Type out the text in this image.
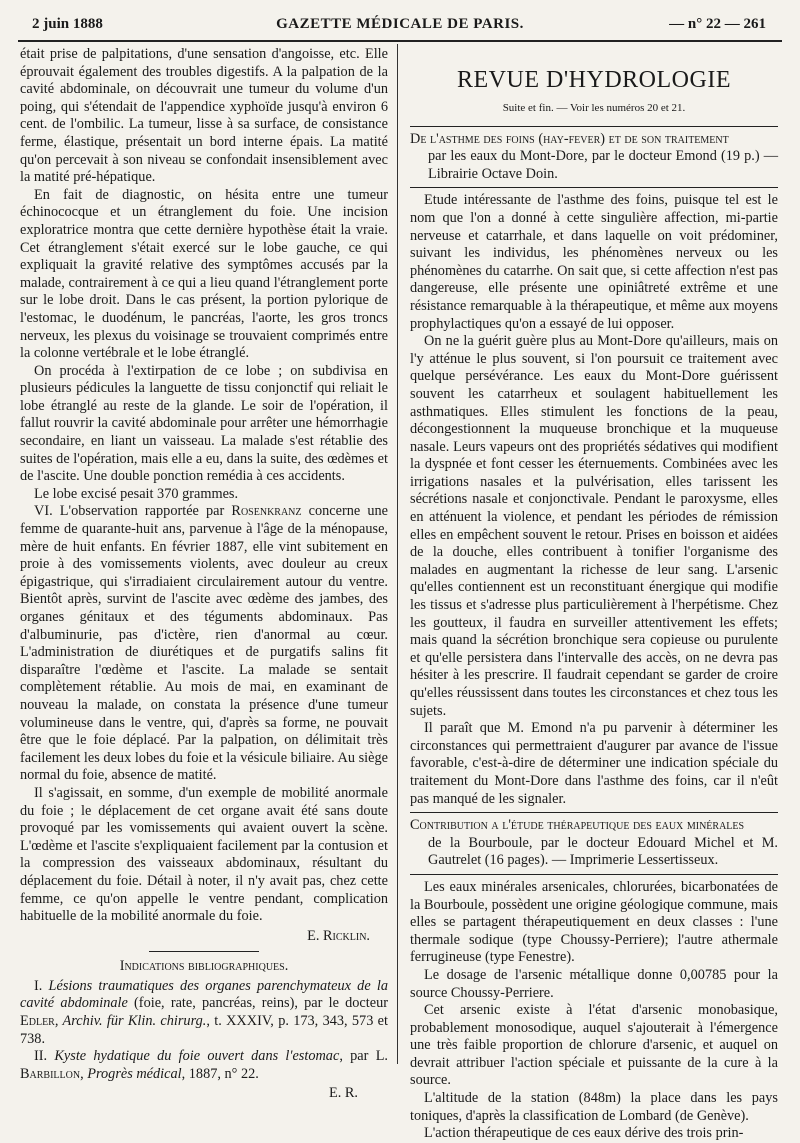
2 juin 1888	GAZETTE MÉDICALE DE PARIS.	— n° 22 — 261

était prise de palpitations, d'une sensation d'angoisse, etc. Elle éprouvait également des troubles digestifs. A la palpation de la cavité abdominale, on découvrait une tumeur du volume d'un poing, qui s'étendait de l'appendice xyphoïde jusqu'à environ 6 cent. de l'ombilic. La tumeur, lisse à sa surface, de consistance ferme, élastique, présentait un bord interne épais. La matité qu'on percevait à son niveau se confondait insensiblement avec la matité pré-hépatique.

En fait de diagnostic, on hésita entre une tumeur échinococque et un étranglement du foie. Une incision exploratrice montra que cette dernière hypothèse était la vraie. Cet étranglement s'était exercé sur le lobe gauche, ce qui expliquait la gravité relative des symptômes accusés par la malade, contrairement à ce qui a lieu quand l'étranglement porte sur le lobe droit. Dans le cas présent, la portion pylorique de l'estomac, le duodénum, le pancréas, l'aorte, les gros troncs nerveux, les plexus du voisinage se trouvaient comprimés entre la colonne vertébrale et le lobe étranglé.

On procéda à l'extirpation de ce lobe ; on subdivisa en plusieurs pédicules la languette de tissu conjonctif qui reliait le lobe étranglé au reste de la glande. Le soir de l'opération, il fallut rouvrir la cavité abdominale pour arrêter une hémorrhagie secondaire, en liant un vaisseau. La malade s'est rétablie des suites de l'opération, mais elle a eu, dans la suite, des œdèmes et de l'ascite. Une double ponction remédia à ces accidents.

Le lobe excisé pesait 370 grammes.

VI. L'observation rapportée par Rosenkranz concerne une femme de quarante-huit ans, parvenue à l'âge de la ménopause, mère de huit enfants. En février 1887, elle vint subitement en proie à des vomissements violents, avec douleur au creux épigastrique, qui s'irradiaient circulairement autour du ventre. Bientôt après, survint de l'ascite avec œdème des jambes, des organes génitaux et des téguments abdominaux. Pas d'albuminurie, pas d'ictère, rien d'anormal au cœur. L'administration de diurétiques et de purgatifs salins fit disparaître l'œdème et l'ascite. La malade se sentait complètement rétablie. Au mois de mai, en examinant de nouveau la malade, on constata la présence d'une tumeur volumineuse dans le ventre, qui, d'après sa forme, ne pouvait être que le foie déplacé. Par la palpation, on délimitait très facilement les deux lobes du foie et la vésicule biliaire. Au siège normal du foie, absence de matité.

Il s'agissait, en somme, d'un exemple de mobilité anormale du foie ; le déplacement de cet organe avait été sans doute provoqué par les vomissements qui avaient ouvert la scène. L'œdème et l'ascite s'expliquaient facilement par la contusion et la compression des vaisseaux abdominaux, résultant du déplacement du foie. Détail à noter, il n'y avait pas, chez cette femme, ce qu'on appelle le ventre pendant, complication habituelle de la mobilité anormale du foie.

E. Ricklin.
Indications bibliographiques.

I. Lésions traumatiques des organes parenchymateux de la cavité abdominale (foie, rate, pancréas, reins), par le docteur Edler, Archiv. für Klin. chirurg., t. XXXIV, p. 173, 343, 573 et 738.

II. Kyste hydatique du foie ouvert dans l'estomac, par L. Barbillon, Progrès médical, 1887, n° 22.

E. R.
REVUE D'HYDROLOGIE
Suite et fin. — Voir les numéros 20 et 21.

De l'asthme des foins (hay-fever) et de son traitement
par les eaux du Mont-Dore, par le docteur Emond (19 p.) — Librairie Octave Doin.

Etude intéressante de l'asthme des foins, puisque tel est le nom que l'on a donné à cette singulière affection, mi-partie nerveuse et catarrhale, et dans laquelle on voit prédominer, suivant les individus, les phénomènes nerveux ou les phénomènes du catarrhe. On sait que, si cette affection n'est pas dangereuse, elle présente une opiniâtreté extrême et une résistance remarquable à la thérapeutique, et même aux moyens prophylactiques qu'on a essayé de lui opposer.

On ne la guérit guère plus au Mont-Dore qu'ailleurs, mais on l'y atténue le plus souvent, si l'on poursuit ce traitement avec quelque persévérance. Les eaux du Mont-Dore guérissent souvent les catarrheux et soulagent habituellement les asthmatiques. Elles stimulent les fonctions de la peau, décongestionnent la muqueuse bronchique et la muqueuse nasale. Leurs vapeurs ont des propriétés sédatives qui modifient la dyspnée et font cesser les éternuements. Combinées avec les irrigations nasales et la pulvérisation, elles tarissent les sécrétions nasale et conjonctivale. Pendant le paroxysme, elles en atténuent la violence, et pendant les périodes de rémission elles en empêchent souvent le retour. Prises en boisson et aidées de la douche, elles contribuent à tonifier l'organisme des malades en augmentant la richesse de leur sang. L'arsenic qu'elles contiennent est un reconstituant énergique qui modifie les tissus et s'adresse plus particulièrement à l'herpétisme. Chez les goutteux, il faudra en surveiller attentivement les effets; mais quand la sécrétion bronchique sera copieuse ou purulente et qu'elle persistera dans l'intervalle des accès, on ne devra pas hésiter à les prescrire. Il faudrait cependant se garder de croire qu'elles réussissent dans toutes les circonstances et chez tous les sujets.

Il paraît que M. Emond n'a pu parvenir à déterminer les circonstances qui permettraient d'augurer par avance de l'issue favorable, c'est-à-dire de déterminer une indication spéciale du traitement du Mont-Dore dans l'asthme des foins, car il n'eût pas manqué de les signaler.

Contribution a l'étude thérapeutique des eaux minérales
de la Bourboule, par le docteur Edouard Michel et M. Gautrelet (16 pages). — Imprimerie Lessertisseux.

Les eaux minérales arsenicales, chlorurées, bicarbonatées de la Bourboule, possèdent une origine géologique commune, mais elles se partagent thérapeutiquement en deux classes : l'une thermale sodique (type Choussy-Perriere); l'autre athermale ferrugineuse (type Fenestre).

Le dosage de l'arsenic métallique donne 0,00785 pour la source Choussy-Perriere.

Cet arsenic existe à l'état d'arsenic monobasique, probablement monosodique, auquel s'ajouterait à l'émergence une très faible proportion de chlorure d'arsenic, et auquel on devrait attribuer l'action spéciale et puissante de la cure à la source.

L'altitude de la station (848m) la place dans les pays toniques, d'après la classification de Lombard (de Genève).

L'action thérapeutique de ces eaux dérive des trois prin-
